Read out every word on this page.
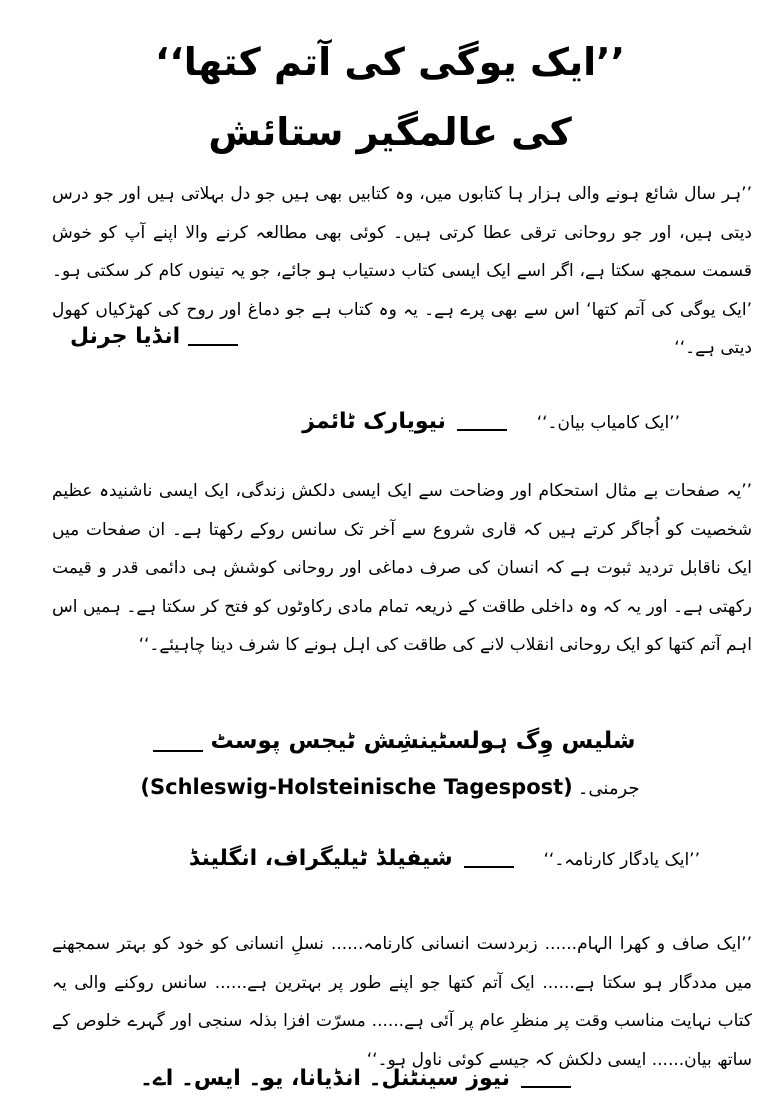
’’ایک یوگی کی آتم کتھا‘‘
کی عالمگیر ستائش
’’ہر سال شائع ہونے والی ہزار ہا کتابوں میں، وہ کتابیں بھی ہیں جو دل بہلاتی ہیں اور جو درس دیتی ہیں، اور جو روحانی ترقی عطا کرتی ہیں۔ کوئی بھی مطالعہ کرنے والا اپنے آپ کو خوش قسمت سمجھ سکتا ہے، اگر اسے ایک ایسی کتاب دستیاب ہو جائے، جو یہ تینوں کام کر سکتی ہو۔ ’ایک یوگی کی آتم کتھا‘ اس سے بھی پرے ہے۔ یہ وہ کتاب ہے جو دماغ اور روح کی کھڑکیاں کھول دیتی ہے۔‘‘
انڈیا جرنل
’’ایک کامیاب بیان۔‘‘  نیویارک ٹائمز
’’یہ صفحات بے مثال استحکام اور وضاحت سے ایک ایسی دلکش زندگی، ایک ایسی ناشنیدہ عظیم شخصیت کو اُجاگر کرتے ہیں کہ قاری شروع سے آخر تک سانس روکے رکھتا ہے۔ ان صفحات میں ایک ناقابل تردید ثبوت ہے کہ انسان کی صرف دماغی اور روحانی کوشش ہی دائمی قدر و قیمت رکھتی ہے۔ اور یہ کہ وہ داخلی طاقت کے ذریعہ تمام مادی رکاوٹوں کو فتح کر سکتا ہے۔ ہمیں اس اہم آتم کتھا کو ایک روحانی انقلاب لانے کی طاقت کی اہل ہونے کا شرف دینا چاہیئے۔‘‘
شلیس وِگ ہولسٹینشِش ٹیجس پوسٹ
جرمنی۔ (Schleswig-Holsteinische Tagespost)
’’ایک یادگار کارنامہ۔‘‘  شیفیلڈ ٹیلیگراف، انگلینڈ
’’ایک صاف و کھرا الہام...... زبردست انسانی کارنامہ...... نسلِ انسانی کو خود کو بہتر سمجھنے میں مددگار ہو سکتا ہے...... ایک آتم کتھا جو اپنے طور پر بہترین ہے...... سانس روکنے والی یہ کتاب نہایت مناسب وقت پر منظرِ عام پر آئی ہے...... مسرّت افزا بذلہ سنجی اور گہرے خلوص کے ساتھ بیان...... ایسی دلکش کہ جیسے کوئی ناول ہو۔‘‘
نیوز سینٹنل۔ انڈیانا، یو۔ ایس۔ اے۔
